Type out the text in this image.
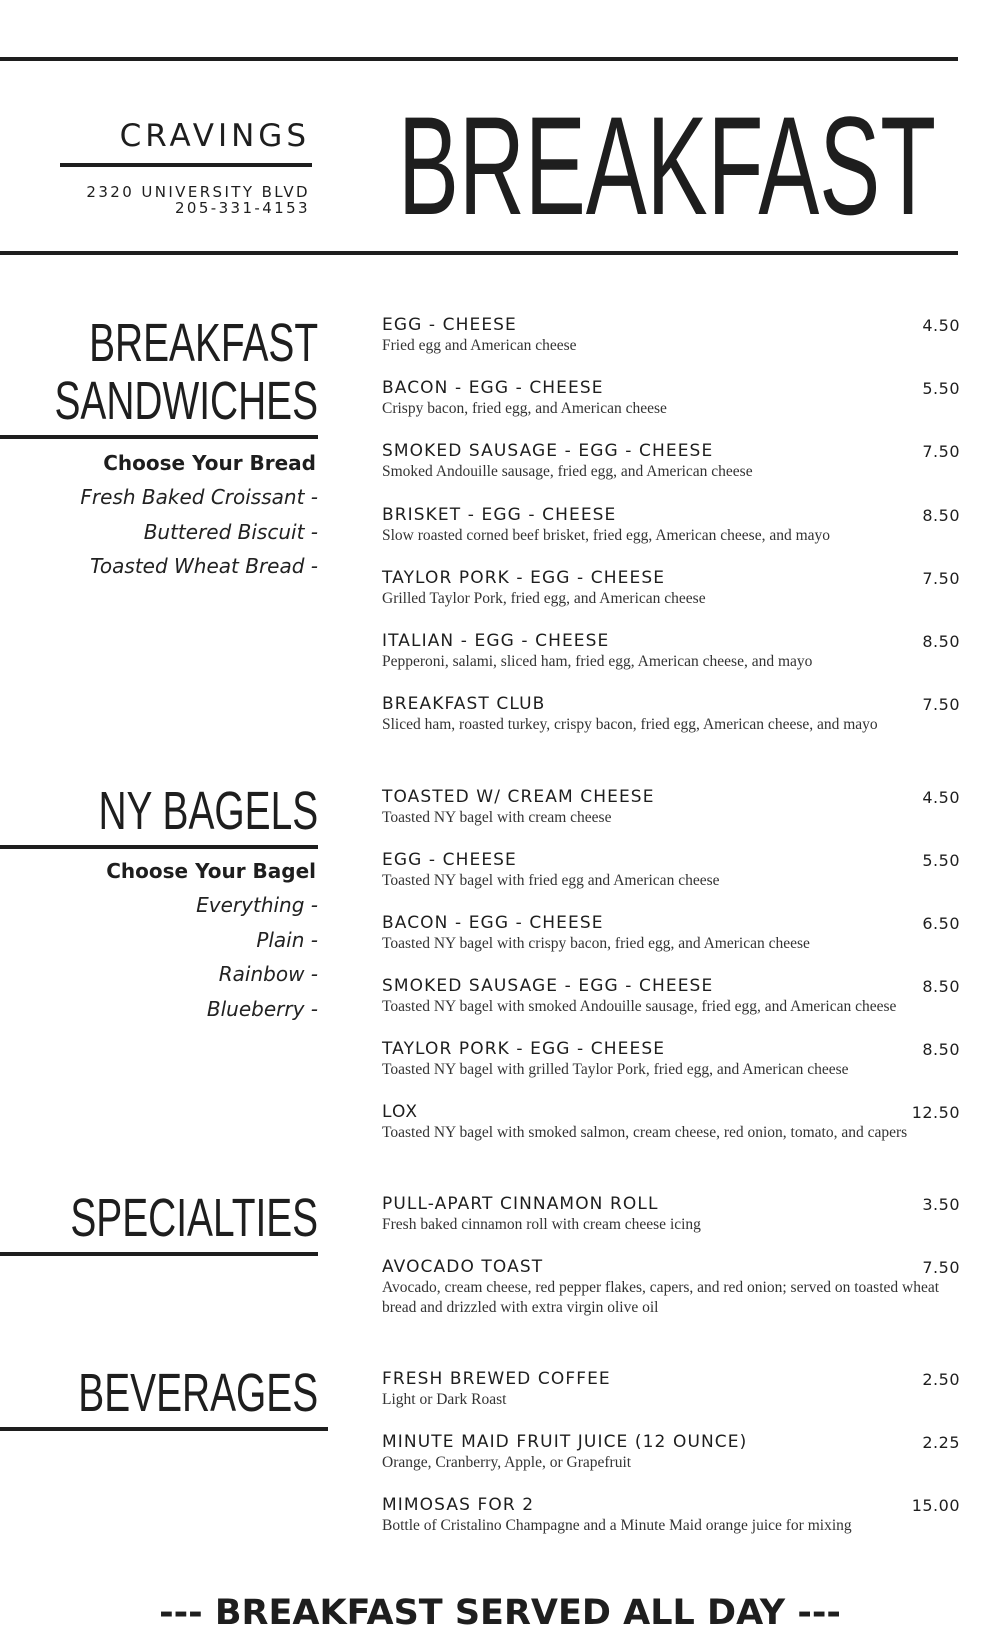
CRAVINGS
2320 UNIVERSITY BLVD
205-331-4153 BREAKFAST
BREAKFAST
SANDWICHES
Choose Your Bread
Fresh Baked Croissant -
Buttered Biscuit -
Toasted Wheat Bread -
EGG - CHEESE
Fried egg and American cheese
4.50
BACON - EGG - CHEESE
Crispy bacon, fried egg, and American cheese
5.50
SMOKED SAUSAGE - EGG - CHEESE
Smoked Andouille sausage, fried egg, and American cheese
7.50
BRISKET - EGG - CHEESE
Slow roasted corned beef brisket, fried egg, American cheese, and mayo
8.50
TAYLOR PORK - EGG - CHEESE
Grilled Taylor Pork, fried egg, and American cheese
7.50
ITALIAN - EGG - CHEESE
Pepperoni, salami, sliced ham, fried egg, American cheese, and mayo
8.50
BREAKFAST CLUB
Sliced ham, roasted turkey, crispy bacon, fried egg, American cheese, and mayo
7.50
NY BAGELS
Choose Your Bagel
Everything -
Plain -
Rainbow -
Blueberry -
TOASTED W/ CREAM CHEESE
Toasted NY bagel with cream cheese
4.50
EGG - CHEESE
Toasted NY bagel with fried egg and American cheese
5.50
BACON - EGG - CHEESE
Toasted NY bagel with crispy bacon, fried egg, and American cheese
6.50
SMOKED SAUSAGE - EGG - CHEESE
Toasted NY bagel with smoked Andouille sausage, fried egg, and American cheese
8.50
TAYLOR PORK - EGG - CHEESE
Toasted NY bagel with grilled Taylor Pork, fried egg, and American cheese
8.50
LOX
Toasted NY bagel with smoked salmon, cream cheese, red onion, tomato, and capers
12.50
SPECIALTIES	PULL-APART CINNAMON ROLL
Fresh baked cinnamon roll with cream cheese icing
3.50
AVOCADO TOAST
Avocado, cream cheese, red pepper flakes, capers, and red onion; served on toasted wheat bread and drizzled with extra virgin olive oil
7.50
BEVERAGES	FRESH BREWED COFFEE
Light or Dark Roast
2.50
MINUTE MAID FRUIT JUICE (12 OUNCE)
Orange, Cranberry, Apple, or Grapefruit
2.25
MIMOSAS FOR 2
Bottle of Cristalino Champagne and a Minute Maid orange juice for mixing
15.00
--- BREAKFAST SERVED ALL DAY ---
